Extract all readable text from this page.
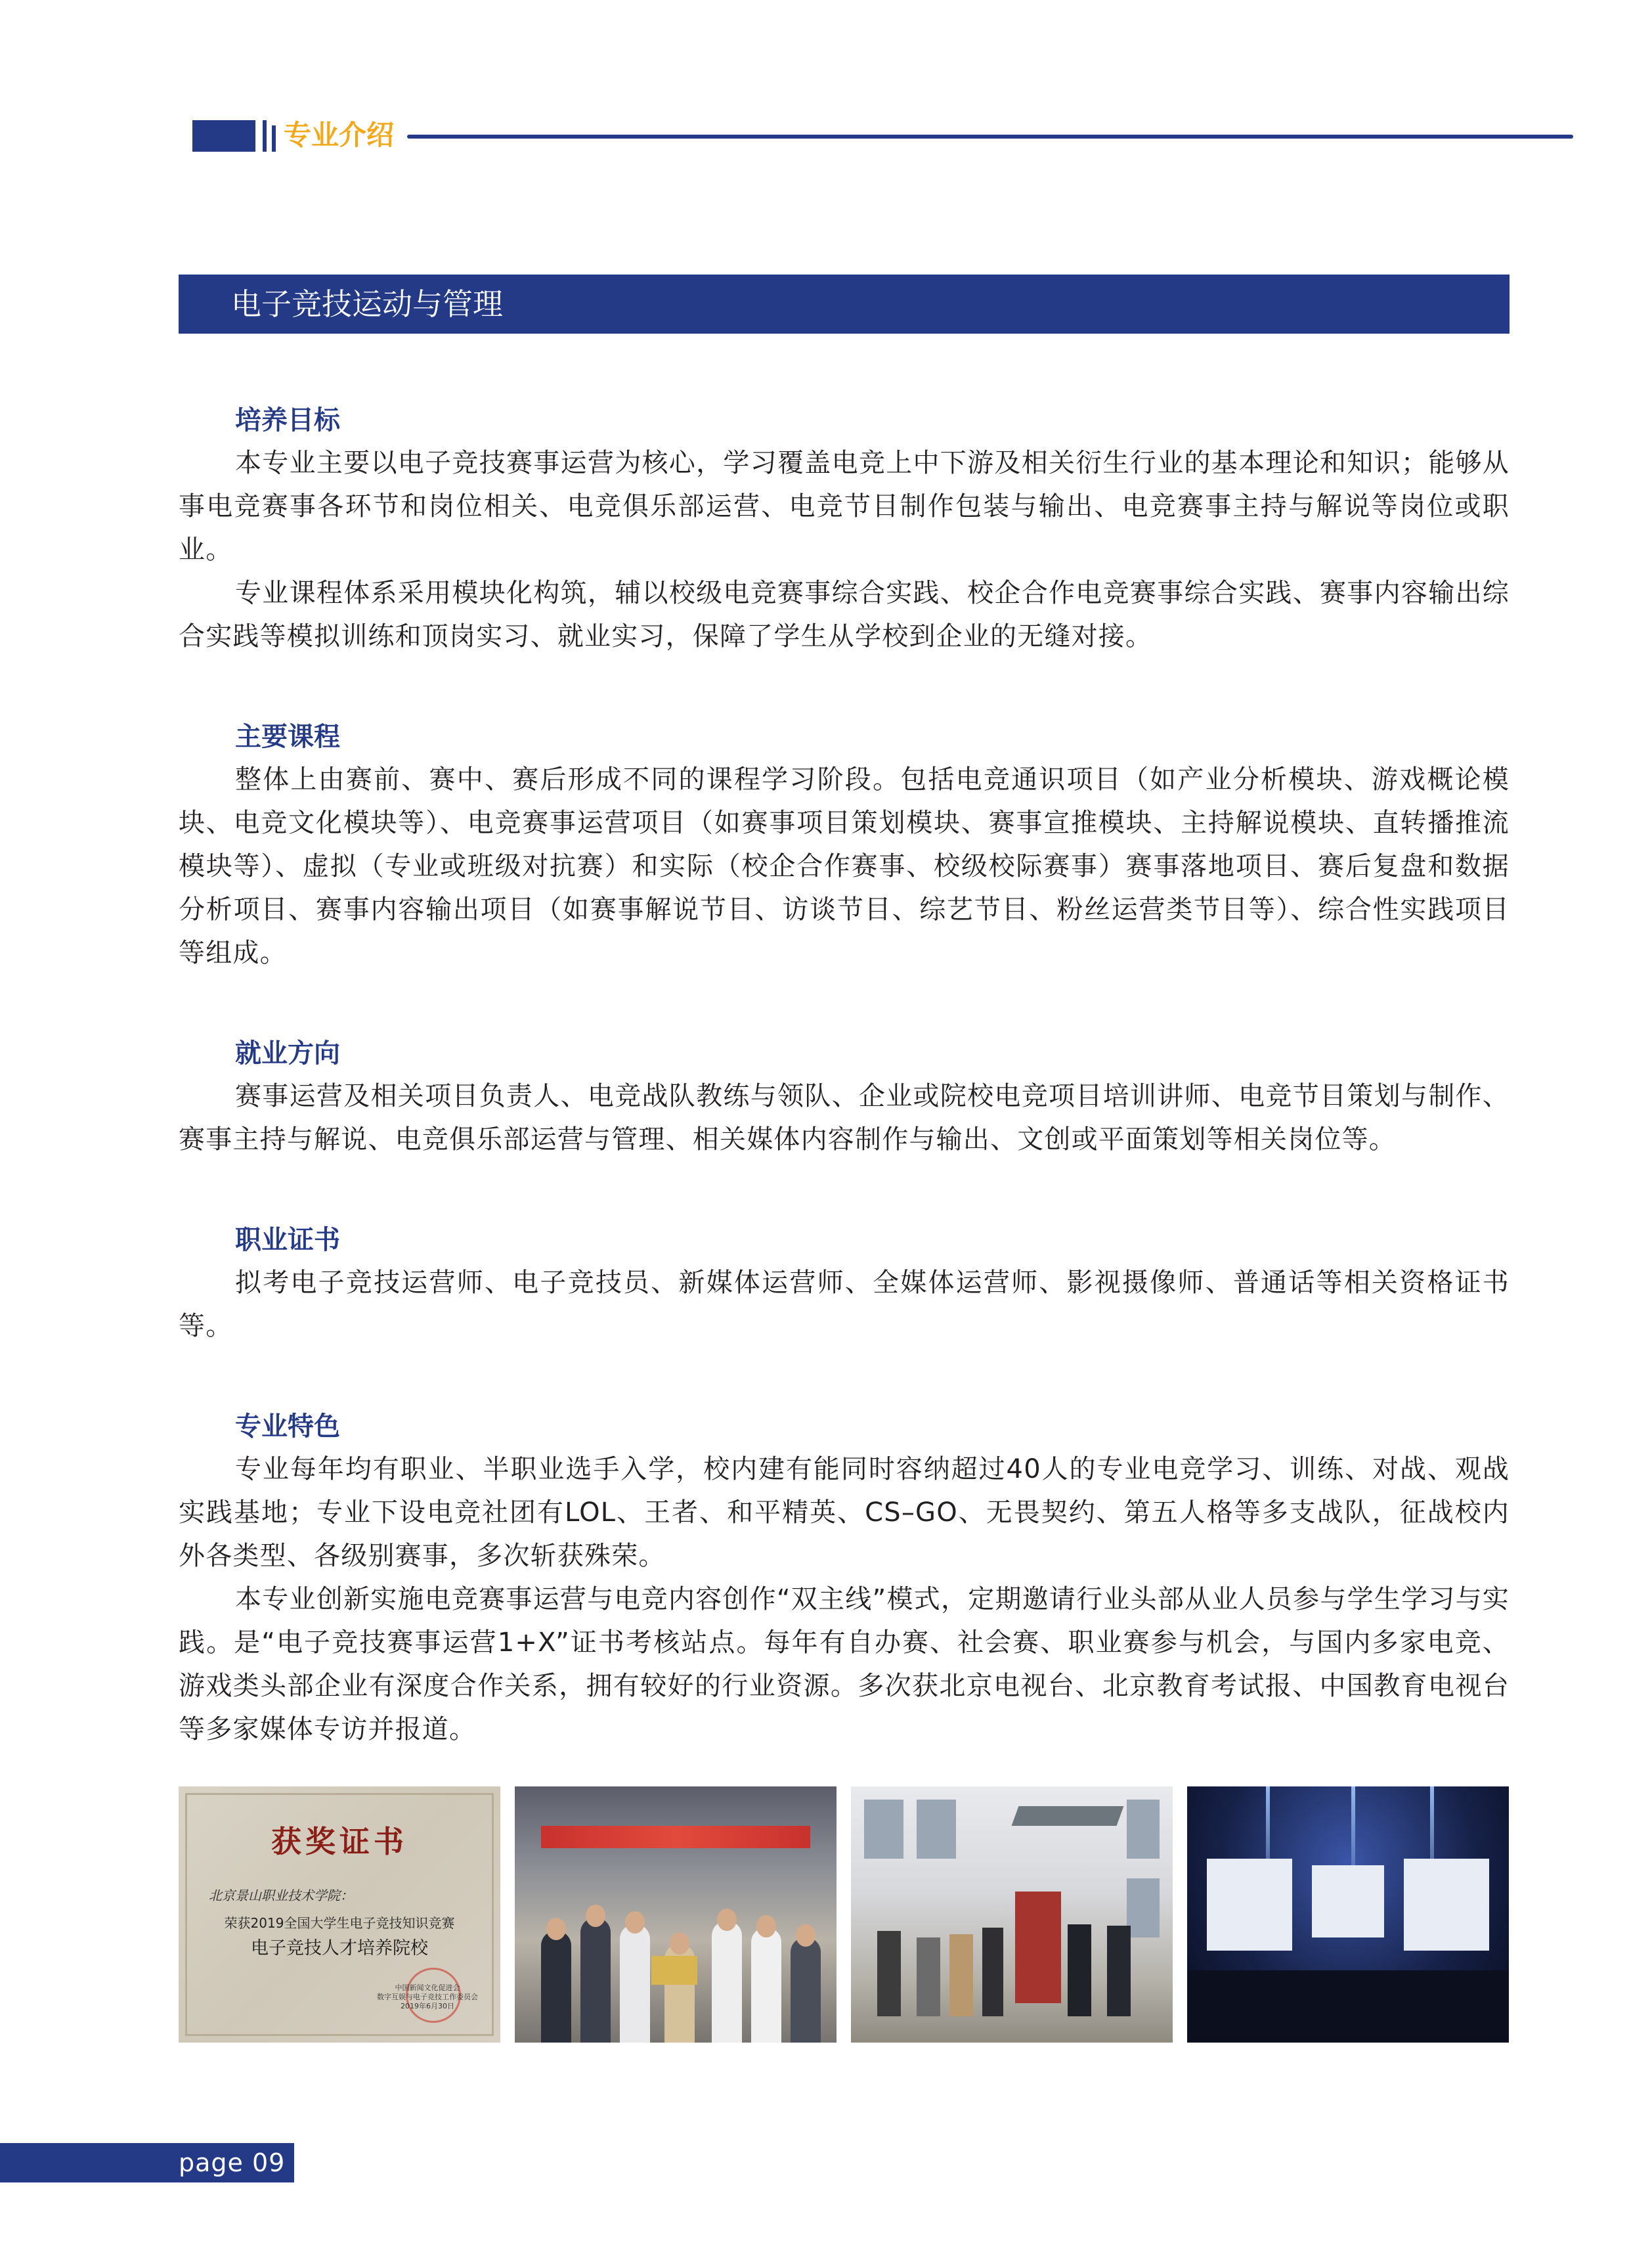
专业介绍
电子竞技运动与管理
培养目标

本专业主要以电子竞技赛事运营为核心，学习覆盖电竞上中下游及相关衍生行业的基本理论和知识；能够从事电竞赛事各环节和岗位相关、电竞俱乐部运营、电竞节目制作包装与输出、电竞赛事主持与解说等岗位或职业。

专业课程体系采用模块化构筑，辅以校级电竞赛事综合实践、校企合作电竞赛事综合实践、赛事内容输出综合实践等模拟训练和顶岗实习、就业实习，保障了学生从学校到企业的无缝对接。

主要课程

整体上由赛前、赛中、赛后形成不同的课程学习阶段。包括电竞通识项目（如产业分析模块、游戏概论模块、电竞文化模块等）、电竞赛事运营项目（如赛事项目策划模块、赛事宣推模块、主持解说模块、直转播推流模块等）、虚拟（专业或班级对抗赛）和实际（校企合作赛事、校级校际赛事）赛事落地项目、赛后复盘和数据分析项目、赛事内容输出项目（如赛事解说节目、访谈节目、综艺节目、粉丝运营类节目等）、综合性实践项目等组成。

就业方向

赛事运营及相关项目负责人、电竞战队教练与领队、企业或院校电竞项目培训讲师、电竞节目策划与制作、赛事主持与解说、电竞俱乐部运营与管理、相关媒体内容制作与输出、文创或平面策划等相关岗位等。

职业证书

拟考电子竞技运营师、电子竞技员、新媒体运营师、全媒体运营师、影视摄像师、普通话等相关资格证书等。

专业特色

专业每年均有职业、半职业选手入学，校内建有能同时容纳超过40人的专业电竞学习、训练、对战、观战实践基地；专业下设电竞社团有LOL、王者、和平精英、CS–GO、无畏契约、第五人格等多支战队，征战校内外各类型、各级别赛事，多次斩获殊荣。

本专业创新实施电竞赛事运营与电竞内容创作“双主线”模式，定期邀请行业头部从业人员参与学生学习与实践。是“电子竞技赛事运营1+X”证书考核站点。每年有自办赛、社会赛、职业赛参与机会，与国内多家电竞、游戏类头部企业有深度合作关系，拥有较好的行业资源。多次获北京电视台、北京教育考试报、中国教育电视台等多家媒体专访并报道。

获奖证书
北京景山职业技术学院：
荣获2019全国大学生电子竞技知识竞赛
电子竞技人才培养院校
中国新闻文化促进会
数字互娱与电子竞技工作委员会
2019年6月30日
page 09
